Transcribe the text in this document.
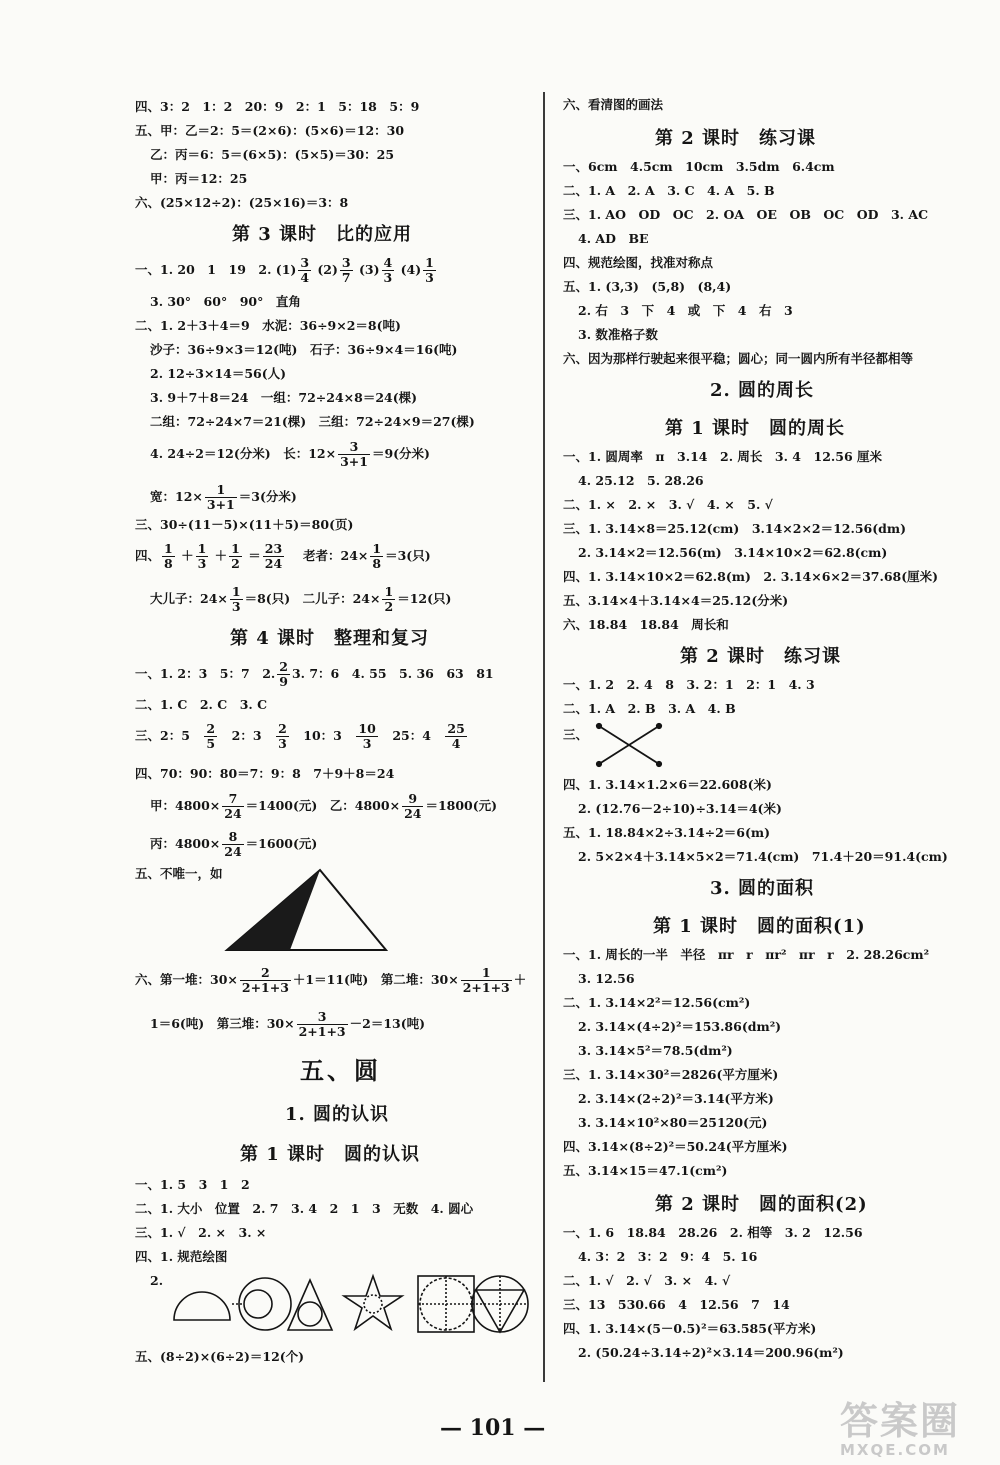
四、3：2　1：2　20：9　2：1　5：18　5：9
五、甲：乙＝2：5＝(2×6)：(5×6)＝12：30
乙：丙＝6：5＝(6×5)：(5×5)＝30：25
甲：丙＝12：25
六、(25×12÷2)：(25×16)＝3：8
第 3 课时　比的应用
一、1. 20　1　19　2. $(1) \frac{3}{4} (2) \frac{3}{7} (3) \frac{4}{3} (4) \frac{1}{3}$
3. 30°　60°　90°　直角
二、1. 2＋3＋4＝9　水泥：36÷9×2＝8(吨)
沙子：36÷9×3＝12(吨)　石子：36÷9×4＝16(吨)
2. 12÷3×14＝56(人)
3. 9＋7＋8＝24　一组：72÷24×8＝24(棵)
二组：72÷24×7＝21(棵)　三组：72÷24×9＝27(棵)
4. 24÷2＝12(分米)　长：$12\times \frac{3}{3+1} =9$(分米)
宽：$12\times \frac{1}{3+1} =3$(分米)
三、30÷(11－5)×(11＋5)＝80(页)
四、 $\frac{1}{8} + \frac{1}{3} + \frac{1}{2} = \frac{23}{24}$ 　老者：$24\times \frac{1}{8} =3$(只)
大儿子：$24\times \frac{1}{3} =8$(只)　二儿子：$24\times \frac{1}{2} =12$(只)
第 4 课时　整理和复习
一、1. 2：3　5：7　2. $\frac{2}{9} 3$. 7：6　4. 55　5. 36　63　81
二、1. C　2. C　3. C
三、2：5　 $\frac{2}{5}$
　 2：3　 $\frac{2}{3}$
　 10：3　 $\frac{10}{3}$
　 25：4　 $\frac{25}{4}$
四、70：90：80＝7：9：8　7＋9＋8＝24
甲：$4800\times \frac{7}{24} =1400$(元)　乙：$4800\times \frac{9}{24} =1800$(元)
丙：$4800\times \frac{8}{24} =1600$(元)
五、不唯一，如
六、第一堆：$30\times \frac{2}{2+1+3} +1=11$(吨)　第二堆：$30\times \frac{1}{2+1+3}$ ＋
1＝6(吨)　第三堆：$30\times \frac{3}{2+1+3} -2=13$(吨)
五、圆
1. 圆的认识
第 1 课时　圆的认识
一、1. 5　3　1　2
二、1. 大小　位置　2. 7　3. 4　2　1　3　无数　4. 圆心
三、1. √　2. ×　3. ×
四、1. 规范绘图
2.
五、(8÷2)×(6÷2)＝12(个)
六、看清图的画法
第 2 课时　练习课
一、6cm　4.5cm　10cm　3.5dm　6.4cm
二、1. A　2. A　3. C　4. A　5. B
三、1. AO　OD　OC　2. OA　OE　OB　OC　OD　3. AC
4. AD　BE
四、规范绘图，找准对称点
五、1. (3,3)　(5,8)　(8,4)
2. 右　3　下　4　或　下　4　右　3
3. 数准格子数
六、因为那样行驶起来很平稳；圆心；同一圆内所有半径都相等
2. 圆的周长
第 1 课时　圆的周长
一、1. 圆周率　π　3.14　2. 周长　3. 4　12.56 厘米
4. 25.12　5. 28.26
二、1. ×　2. ×　3. √　4. ×　5. √
三、1. 3.14×8＝25.12(cm)　3.14×2×2＝12.56(dm)
2. 3.14×2＝12.56(m)　3.14×10×2＝62.8(cm)
四、1. 3.14×10×2＝62.8(m)　2. 3.14×6×2＝37.68(厘米)
五、3.14×4＋3.14×4＝25.12(分米)
六、18.84　18.84　周长和
第 2 课时　练习课
一、1. 2　2. 4　8　3. 2：1　2：1　4. 3
二、1. A　2. B　3. A　4. B
三、
四、1. 3.14×1.2×6＝22.608(米)
2. (12.76－2÷10)÷3.14＝4(米)
五、1. 18.84×2÷3.14÷2＝6(m)
2. 5×2×4＋3.14×5×2＝71.4(cm)　71.4＋20＝91.4(cm)
3. 圆的面积
第 1 课时　圆的面积(1)
一、1. 周长的一半　半径　πr　r　πr²　πr　r　2. 28.26cm²
3. 12.56
二、1. 3.14×2²＝12.56(cm²)
2. 3.14×(4÷2)²＝153.86(dm²)
3. 3.14×5²＝78.5(dm²)
三、1. 3.14×30²＝2826(平方厘米)
2. 3.14×(2÷2)²＝3.14(平方米)
3. 3.14×10²×80＝25120(元)
四、3.14×(8÷2)²＝50.24(平方厘米)
五、3.14×15＝47.1(cm²)
第 2 课时　圆的面积(2)
一、1. 6　18.84　28.26　2. 相等　3. 2　12.56
4. 3：2　3：2　9：4　5. 16
二、1. √　2. √　3. ×　4. √
三、13　530.66　4　12.56　7　14
四、1. 3.14×(5－0.5)²＝63.585(平方米)
2. (50.24÷3.14÷2)²×3.14＝200.96(m²)
— 101 —	答案圈
MXQE.COM
